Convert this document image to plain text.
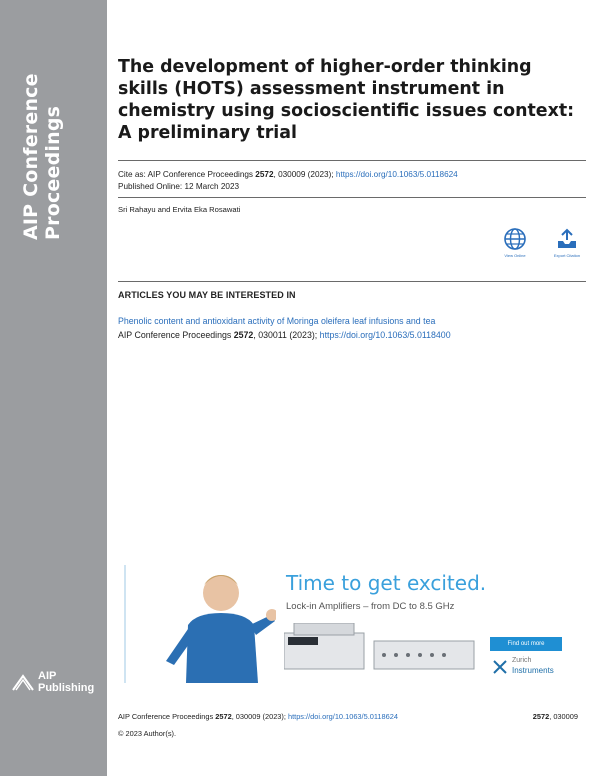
AIP Conference Proceedings
AIP
Publishing
The development of higher-order thinking skills (HOTS) assessment instrument in chemistry using socioscientific issues context: A preliminary trial
Cite as: AIP Conference Proceedings 2572, 030009 (2023); https://doi.org/10.1063/5.0118624
Published Online: 12 March 2023
Sri Rahayu and Ervita Eka Rosawati
View Online	Export Citation
ARTICLES YOU MAY BE INTERESTED IN
Phenolic content and antioxidant activity of Moringa oleifera leaf infusions and tea
AIP Conference Proceedings 2572, 030011 (2023); https://doi.org/10.1063/5.0118400
Time to get excited.
Lock-in Amplifiers – from DC to 8.5 GHz
Find out more
Zurich
Instruments
AIP Conference Proceedings 2572, 030009 (2023); https://doi.org/10.1063/5.0118624	2572, 030009
© 2023 Author(s).
